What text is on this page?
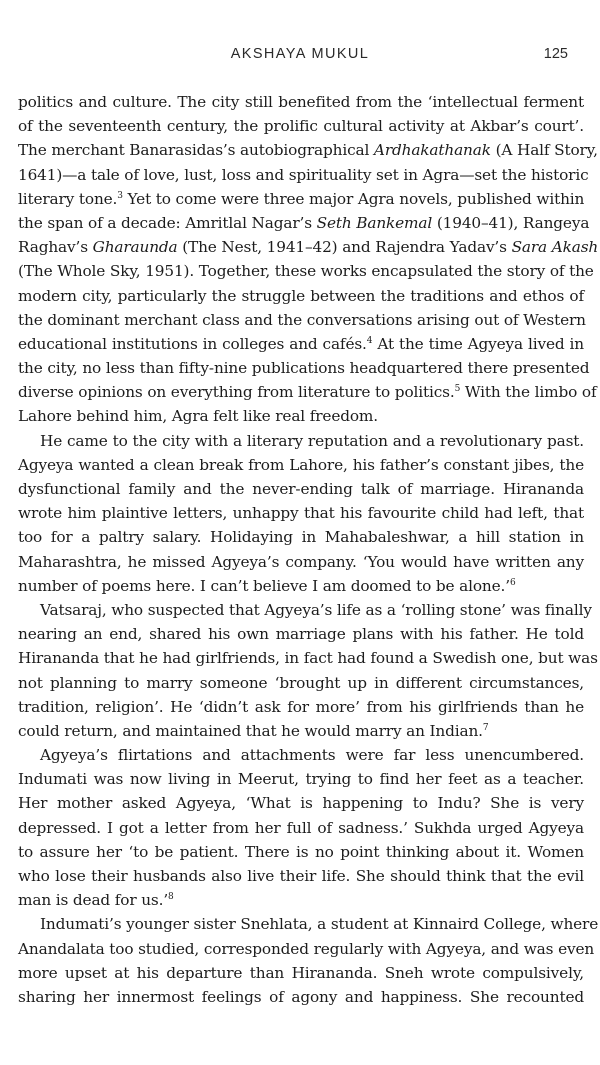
AKSHAYA MUKUL	125
politics and culture. The city still benefited from the ‘intellectual ferment
of the seventeenth century, the prolific cultural activity at Akbar’s court’.
The merchant Banarasidas’s autobiographical Ardhakathanak (A Half Story,
1641)—a tale of love, lust, loss and spirituality set in Agra—set the historic
literary tone.$^3$ Yet to come were three major Agra novels, published within
the span of a decade: Amritlal Nagar’s Seth Bankemal (1940–41), Rangeya
Raghav’s Gharaunda (The Nest, 1941–42) and Rajendra Yadav’s Sara Akash
(The Whole Sky, 1951). Together, these works encapsulated the story of the
modern city, particularly the struggle between the traditions and ethos of
the dominant merchant class and the conversations arising out of Western
educational institutions in colleges and cafés.$^4$ At the time Agyeya lived in
the city, no less than fifty-nine publications headquartered there presented
diverse opinions on everything from literature to politics.$^5$ With the limbo of
Lahore behind him, Agra felt like real freedom.
He came to the city with a literary reputation and a revolutionary past.
Agyeya wanted a clean break from Lahore, his father’s constant jibes, the
dysfunctional family and the never-ending talk of marriage. Hirananda
wrote him plaintive letters, unhappy that his favourite child had left, that
too for a paltry salary. Holidaying in Mahabaleshwar, a hill station in
Maharashtra, he missed Agyeya’s company. ‘You would have written any
number of poems here. I can’t believe I am doomed to be alone.’$^6$
Vatsaraj, who suspected that Agyeya’s life as a ‘rolling stone’ was finally
nearing an end, shared his own marriage plans with his father. He told
Hirananda that he had girlfriends, in fact had found a Swedish one, but was
not planning to marry someone ‘brought up in different circumstances,
tradition, religion’. He ‘didn’t ask for more’ from his girlfriends than he
could return, and maintained that he would marry an Indian.$^7$
Agyeya’s flirtations and attachments were far less unencumbered.
Indumati was now living in Meerut, trying to find her feet as a teacher.
Her mother asked Agyeya, ‘What is happening to Indu? She is very
depressed. I got a letter from her full of sadness.’ Sukhda urged Agyeya
to assure her ‘to be patient. There is no point thinking about it. Women
who lose their husbands also live their life. She should think that the evil
man is dead for us.’$^8$
Indumati’s younger sister Snehlata, a student at Kinnaird College, where
Anandalata too studied, corresponded regularly with Agyeya, and was even
more upset at his departure than Hirananda. Sneh wrote compulsively,
sharing her innermost feelings of agony and happiness. She recounted
